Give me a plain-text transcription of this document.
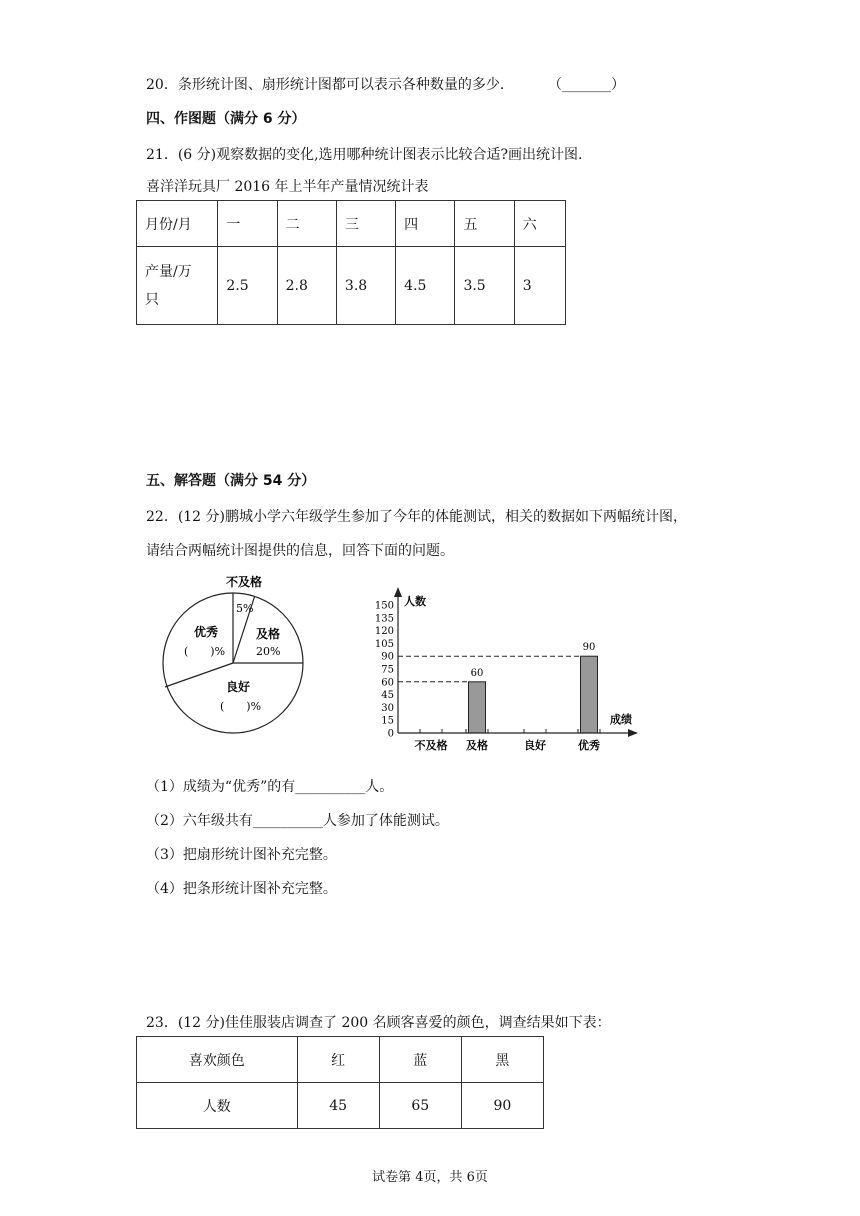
20．条形统计图、扇形统计图都可以表示各种数量的多少． （_______）
四、作图题（满分 6 分）
21．(6 分)观察数据的变化,选用哪种统计图表示比较合适?画出统计图.
喜洋洋玩具厂 2016 年上半年产量情况统计表
月份/月	一	二	三	四	五	六

产量/万
只	2.5	2.8	3.8	4.5	3.5	3
五、解答题（满分 54 分）
22．(12 分)鹏城小学六年级学生参加了今年的体能测试，相关的数据如下两幅统计图，
请结合两幅统计图提供的信息，回答下面的问题。
不及格
5%
及格
20%
优秀
(　　)%
良好
(　　)%
0
15
30
45
60
75
90
105
120
135
150 人数
成绩
不及格 及格
60
良好	优秀
90
（1）成绩为“优秀”的有__________人。
（2）六年级共有__________人参加了体能测试。
（3）把扇形统计图补充完整。
（4）把条形统计图补充完整。
23．(12 分)佳佳服装店调查了 200 名顾客喜爱的颜色，调查结果如下表：
喜欢颜色	红	蓝	黑
人数	45	65	90
试卷第 4页，共 6页
